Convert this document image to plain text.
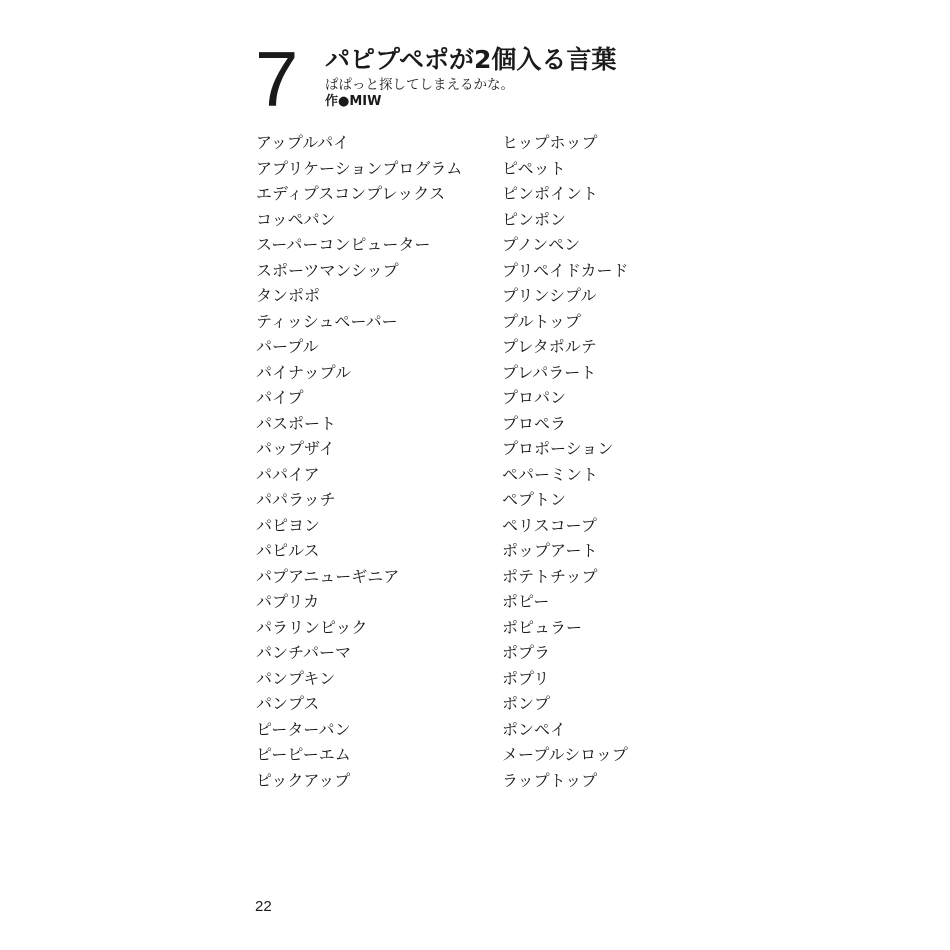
7 パピプペポが2個入る言葉
ぱぱっと探してしまえるかな。
作●MIW
アップルパイ
アプリケーションプログラム
エディプスコンプレックス
コッペパン
スーパーコンピューター
スポーツマンシップ
タンポポ
ティッシュペーパー
パープル
パイナップル
パイプ
パスポート
パップザイ
パパイア
パパラッチ
パピヨン
パピルス
パプアニューギニア
パプリカ
パラリンピック
パンチパーマ
パンプキン
パンプス
ピーターパン
ピーピーエム
ピックアップ
ヒップホップ
ピペット
ピンポイント
ピンポン
プノンペン
プリペイドカード
プリンシプル
プルトップ
プレタポルテ
プレパラート
プロパン
プロペラ
プロポーション
ペパーミント
ペプトン
ペリスコープ
ポップアート
ポテトチップ
ポピー
ポピュラー
ポプラ
ポプリ
ポンプ
ポンペイ
メープルシロップ
ラップトップ
22
